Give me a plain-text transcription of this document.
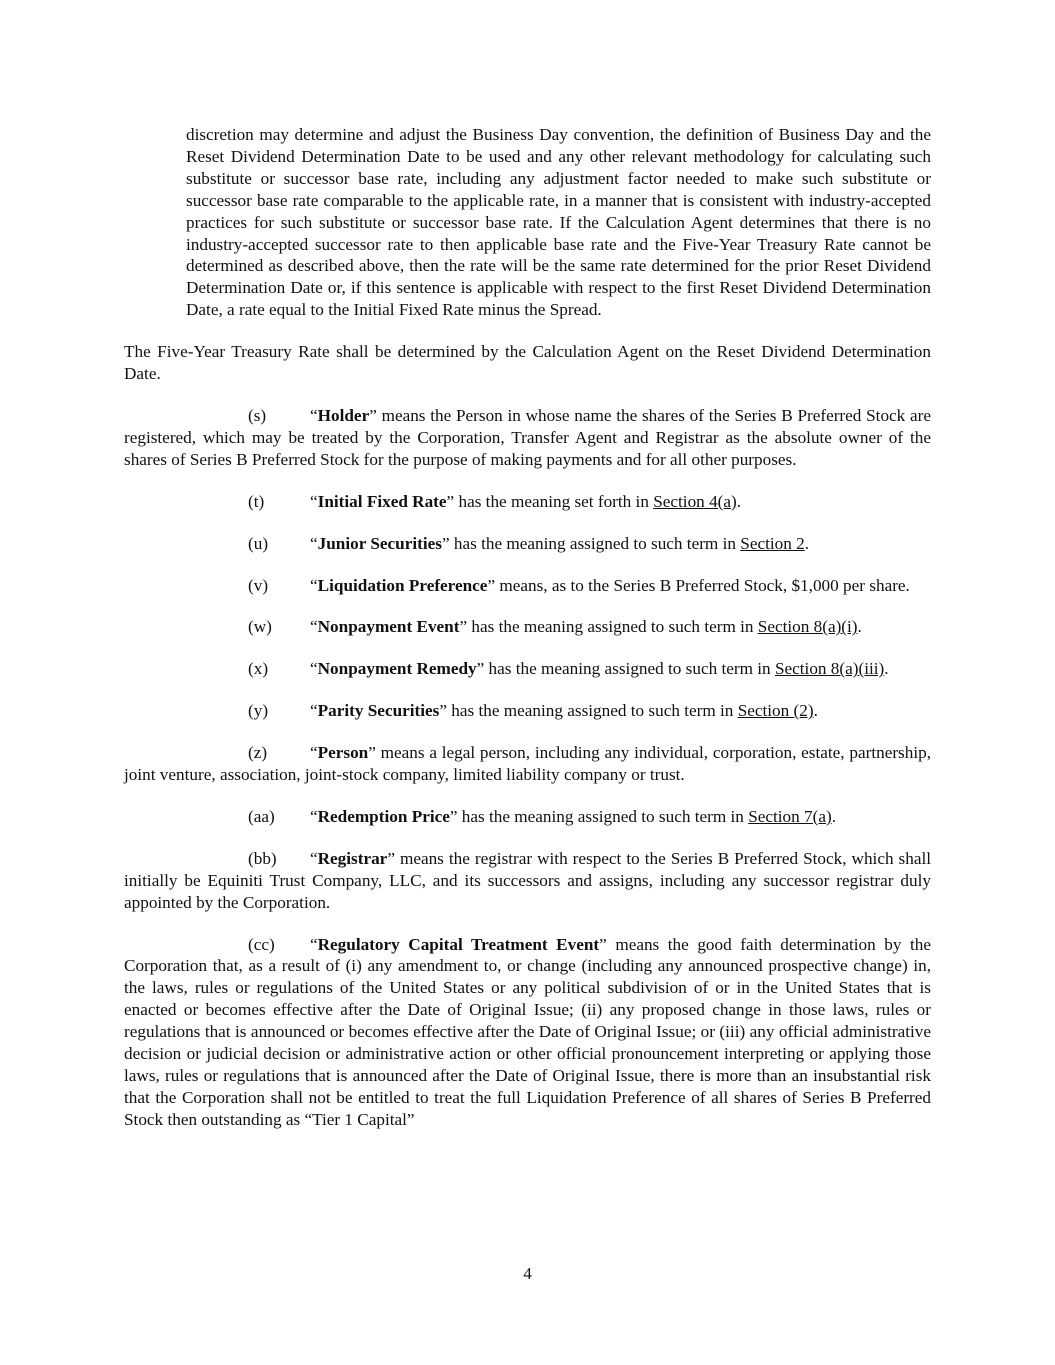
discretion may determine and adjust the Business Day convention, the definition of Business Day and the Reset Dividend Determination Date to be used and any other relevant methodology for calculating such substitute or successor base rate, including any adjustment factor needed to make such substitute or successor base rate comparable to the applicable rate, in a manner that is consistent with industry-accepted practices for such substitute or successor base rate. If the Calculation Agent determines that there is no industry-accepted successor rate to then applicable base rate and the Five-Year Treasury Rate cannot be determined as described above, then the rate will be the same rate determined for the prior Reset Dividend Determination Date or, if this sentence is applicable with respect to the first Reset Dividend Determination Date, a rate equal to the Initial Fixed Rate minus the Spread.

The Five-Year Treasury Rate shall be determined by the Calculation Agent on the Reset Dividend Determination Date.

(s)	“Holder” means the Person in whose name the shares of the Series B Preferred Stock are registered, which may be treated by the Corporation, Transfer Agent and Registrar as the absolute owner of the shares of Series B Preferred Stock for the purpose of making payments and for all other purposes.

(t)	“Initial Fixed Rate” has the meaning set forth in Section 4(a).

(u) “Junior Securities” has the meaning assigned to such term in Section 2.

(v) “Liquidation Preference” means, as to the Series B Preferred Stock, $1,000 per share.

(w) “Nonpayment Event” has the meaning assigned to such term in Section 8(a)(i).

(x) “Nonpayment Remedy” has the meaning assigned to such term in Section 8(a)(iii).

(y) “Parity Securities” has the meaning assigned to such term in Section (2).

(z) “Person” means a legal person, including any individual, corporation, estate, partnership, joint venture, association, joint-stock company, limited liability company or trust.

(aa) “Redemption Price” has the meaning assigned to such term in Section 7(a).

(bb) “Registrar” means the registrar with respect to the Series B Preferred Stock, which shall initially be Equiniti Trust Company, LLC, and its successors and assigns, including any successor registrar duly appointed by the Corporation.

(cc) “Regulatory Capital Treatment Event” means the good faith determination by the Corporation that, as a result of (i) any amendment to, or change (including any announced prospective change) in, the laws, rules or regulations of the United States or any political subdivision of or in the United States that is enacted or becomes effective after the Date of Original Issue; (ii) any proposed change in those laws, rules or regulations that is announced or becomes effective after the Date of Original Issue; or (iii) any official administrative decision or judicial decision or administrative action or other official pronouncement interpreting or applying those laws, rules or regulations that is announced after the Date of Original Issue, there is more than an insubstantial risk that the Corporation shall not be entitled to treat the full Liquidation Preference of all shares of Series B Preferred Stock then outstanding as “Tier 1 Capital”

4
